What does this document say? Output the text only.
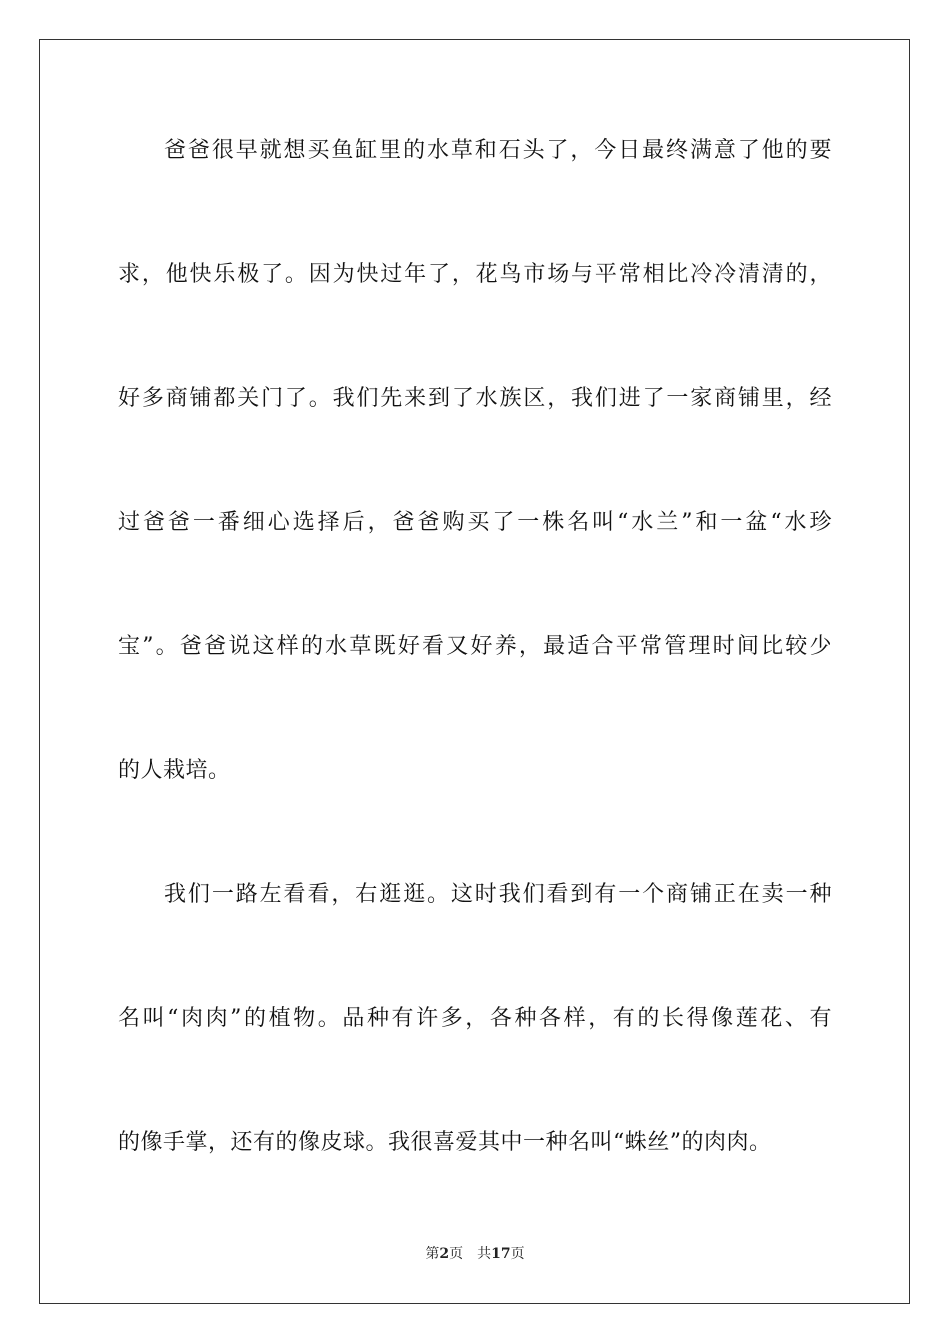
爸爸很早就想买鱼缸里的水草和石头了，今日最终满意了他的要
求，他快乐极了。因为快过年了，花鸟市场与平常相比冷冷清清的，
好多商铺都关门了。我们先来到了水族区，我们进了一家商铺里，经
过爸爸一番细心选择后，爸爸购买了一株名叫“水兰”和一盆“水珍
宝”。爸爸说这样的水草既好看又好养，最适合平常管理时间比较少
的人栽培。
我们一路左看看，右逛逛。这时我们看到有一个商铺正在卖一种
名叫“肉肉”的植物。品种有许多，各种各样，有的长得像莲花、有
的像手掌，还有的像皮球。我很喜爱其中一种名叫“蛛丝”的肉肉。
第2页 共17页
